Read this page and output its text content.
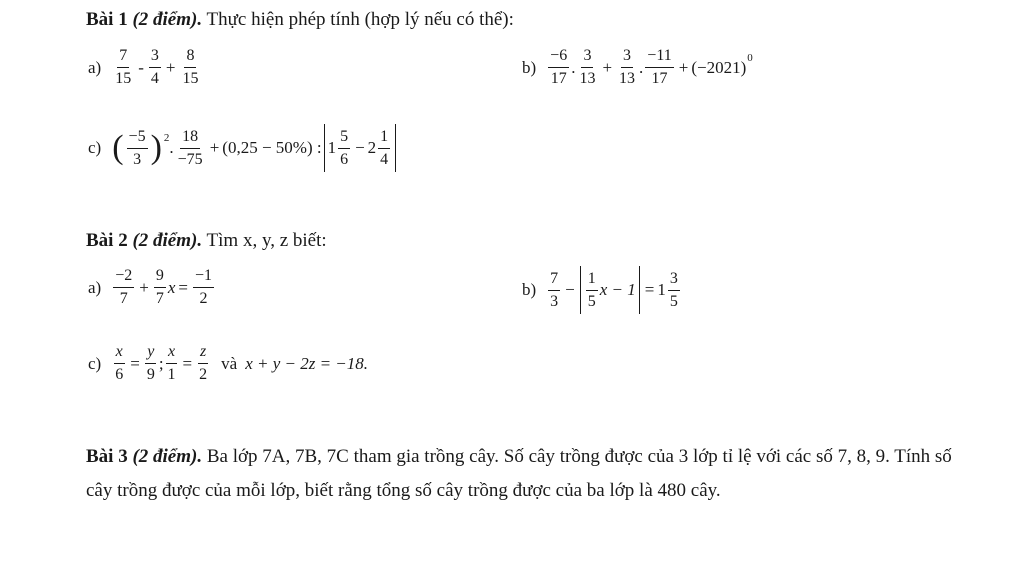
Bài 1 (2 điểm). Thực hiện phép tính (hợp lý nếu có thể):
$a) \frac{7}{15} - \frac{3}{4} + \frac{8}{15}$	$b) \frac{-6}{17}$ . $\frac{3}{13} + \frac{3}{13}$ . $\frac{-11}{17}$ + ( −2021 ) 0
c) ( $\frac{-5}{3}$ ) 2 . $\frac{18}{-75} + (0,25 - 50\%)$ : $1 \frac{5}{6} - 2 \frac{1}{4}$
Bài 2 (2 điểm). Tìm x, y, z biết:
$a) \frac{-2}{7} + \frac{9}{7}$ $x = \frac{-1}{2}$	$b) \frac{7}{3} - \frac{1}{5}$ $x - 1 = 1 \frac{3}{5}$
$c) \frac{x}{6} = \frac{y}{9}$ ; $\frac{x}{1} = \frac{z}{2}$ và x + y − 2z = −18.
Bài 3 (2 điểm). Ba lớp 7A, 7B, 7C tham gia trồng cây. Số cây trồng được của 3 lớp tỉ lệ với các số 7, 8, 9. Tính số cây trồng được của mỗi lớp, biết rằng tổng số cây trồng được của ba lớp là 480 cây.
